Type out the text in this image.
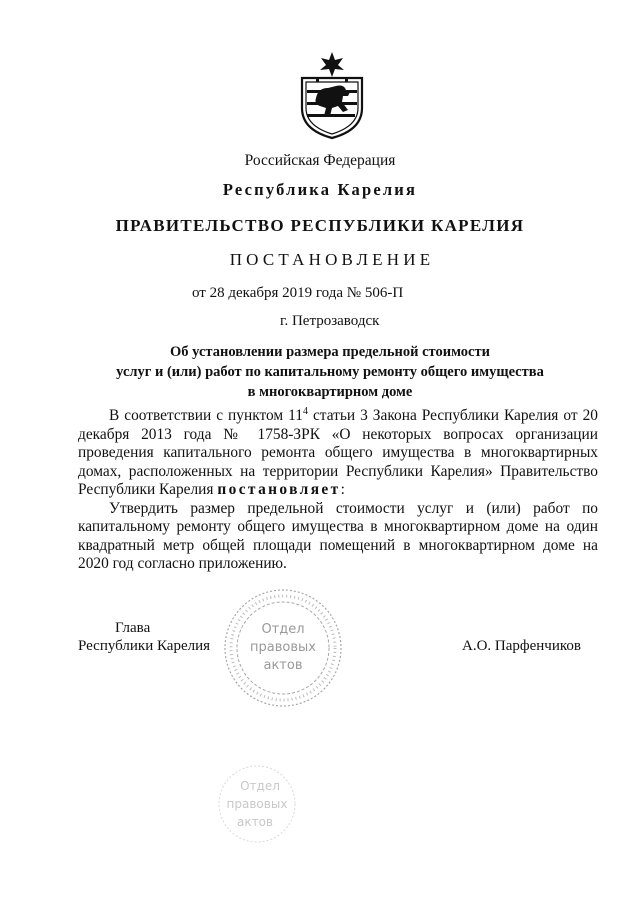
Российская Федерация
Республика Карелия
ПРАВИТЕЛЬСТВО РЕСПУБЛИКИ КАРЕЛИЯ
ПОСТАНОВЛЕНИЕ
от 28 декабря 2019 года № 506-П
г. Петрозаводск
Об установлении размера предельной стоимости
услуг и (или) работ по капитальному ремонту общего имущества
в многоквартирном доме

В соответствии с пунктом $11^4$ статьи 3 Закона Республики Карелия от 20 декабря 2013 года № 1758-ЗРК «О некоторых вопросах организации проведения капитального ремонта общего имущества в многоквартирных домах, расположенных на территории Республики Карелия» Правительство Республики Карелия постановляет:

Утвердить размер предельной стоимости услуг и (или) работ по капитальному ремонту общего имущества в многоквартирном доме на один квадратный метр общей площади помещений в многоквартирном доме на 2020 год согласно приложению.

Отдел
правовых
актов
Глава
Республики Карелия	А.О. Парфенчиков
Отдел
правовых
актов
